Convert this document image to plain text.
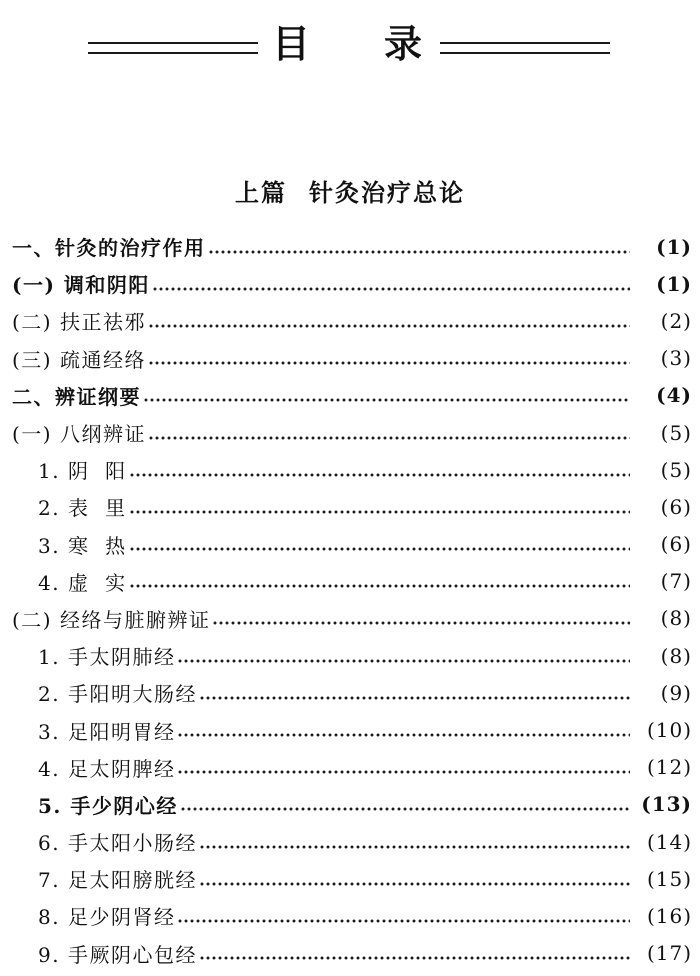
目 录
上篇 针灸治疗总论
一、针灸的治疗作用	(1)
(一) 调和阴阳	(1)
(二) 扶正祛邪	(2)
(三) 疏通经络	(3)
二、辨证纲要	(4)
(一) 八纲辨证	(5)
1. 阴  阳	(5)
2. 表  里	(6)
3. 寒  热	(6)
4. 虚  实	(7)
(二) 经络与脏腑辨证	(8)
1. 手太阴肺经	(8)
2. 手阳明大肠经	(9)
3. 足阳明胃经	(10)
4. 足太阴脾经	(12)
5. 手少阴心经	(13)
6. 手太阳小肠经	(14)
7. 足太阳膀胱经	(15)
8. 足少阴肾经	(16)
9. 手厥阴心包经	(17)
